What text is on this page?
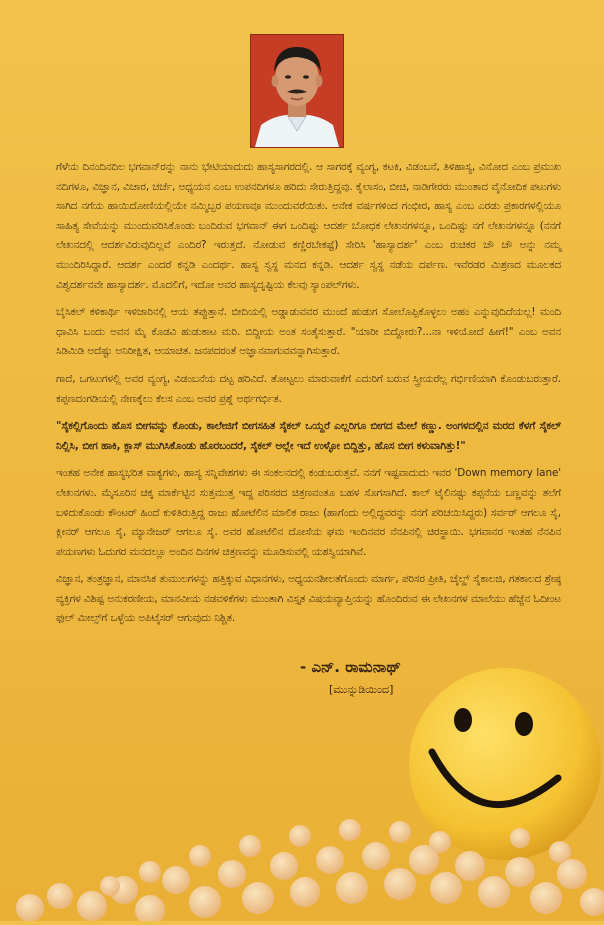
ಗೆಳೆಯ ದಿನಂದಿನದಿಲ ಭಗವಾನ್‌ರನ್ನು ನಾನು ಭೇಟಿಯಾದುದು ಹಾಸ್ಯಸಾಗರದಲ್ಲಿ. ಆ ಸಾಗರಕ್ಕೆ ವ್ಯಂಗ್ಯ, ಕಟಕಿ, ವಿಡಂಬನೆ, ತಿಳಿಹಾಸ್ಯ, ವಿನೋದ ಎಂಬ ಪ್ರಮುಖ ನದಿಗಳೂ, ವಿಜ್ಞಾನ, ವಿಚಾರ, ಚರ್ಚೆ, ಅಧ್ಯಯನ ಎಂಬ ಉಪನದಿಗಳೂ ಹರಿದು ಸೇರುತ್ತಿದ್ದವು. ಕೈಲಾಸಂ, ಬೀಚಿ, ನಾಡಿಗೇರರು ಮುಂತಾದ ವೈನೋದಿಕ ಪಟುಗಳು ಸಾಗಿದ ನಗೆಯ ಹಾಯಿದೋಣಿಯಲ್ಲಿಯೇ ನಮ್ಮಿಬ್ಬರ ಪಯಣವೂ ಮುಂದುವರೆಯಿತು. ಅನೇಕ ವರ್ಷಗಳಿಂದ ಗಂಭೀರ, ಹಾಸ್ಯ ಎಂಬ ಎರಡು ಪ್ರಕಾರಗಳಲ್ಲಿಯೂ ಸಾಹಿತ್ಯ ಸೇವೆಯನ್ನು ಮುಂದುವರಿಸಿಕೊಂಡು ಬಂದಿರುವ ಭಗವಾನ್ ಈಗ ಒಂದಿಷ್ಟು ಆದರ್ಶ ಬೋಧಕ ಲೇಖನಗಳನ್ನೂ, ಒಂದಿಷ್ಟು ನಗೆ ಲೇಖನಗಳನ್ನೂ (ನನಗೆ ಲೇಖನದಲ್ಲಿ ಆದರ್ಶವಿರುವುದಿಲ್ಲವೆ ಎಂದಿರ? ಇರುತ್ತದೆ. ನೋಡುವ ಕಣ್ಣಿರಬೇಕಷ್ಟೆ) ಸೇರಿಸಿ 'ಹಾಸ್ಯಾದರ್ಶ' ಎಂಬ ರುಚಿಕರ ಚೌ ಚೌ ಅನ್ನು ನಮ್ಮ ಮುಂದಿರಿಸಿದ್ದಾರೆ. ಆದರ್ಶ ಎಂದರೆ ಕನ್ನಡಿ ಎಂದರ್ಥ. ಹಾಸ್ಯ ಸ್ವಸ್ಥ ಮನದ ಕನ್ನಡಿ. ಆದರ್ಶ ಸ್ವಸ್ಥ ನಡೆಯ ದರ್ಪಣ. ಇವೆರಡರ ಮಿಶ್ರಣದ ಮೂಲಕದ ವಿಶ್ವದರ್ಶನವೇ ಹಾಸ್ಯಾದರ್ಶ. ಮೊದಲಿಗೆ, ಇದೋ ಅವರ ಹಾಸ್ಯದೃಷ್ಟಿಯ ಕೆಲವು ಸ್ಯಾಂಪಲ್‌ಗಳು.

ಬೈಸಿಕಲ್ ಕಳಿಕಾರ್ಥಿ ಇಳಿಜಾರಿನಲ್ಲಿ ಆಯ ತಪ್ಪುತ್ತಾನೆ. ಬೀದಿಯಲ್ಲಿ ಅಡ್ಡಾಡುವವರ ಮುಂದೆ ಹುಡುಗ ಸೋಲೊಪ್ಪಿಕೊಳ್ಳಲು ಅಹಂ ಎನ್ನುವುದಿದೆಯಲ್ಲ! ಮಂದಿ ಧಾವಿಸಿ ಬಂದು ಅವನ ಮೈ ಕೊಡವಿ ಹುಡುಕಾಟ ಮರಿ. ಬಿದ್ದೀಯ ಅಂತ ಸಂತೈಸುತ್ತಾರೆ. "ಯಾರೀ ಬಿದ್ದೋರು?...ನಾ ಇಳಿಯೋದೆ ಹೀಗೆ!" ಎಂಬ ಅವನ ಸಿಡಿಮಿಡಿ ಅದೆಷ್ಟು ಅನಿರೀಕ್ಷಿತ, ಆಯಾಚಿತ. ಜನಪದರಂತೆ ಅಜ್ಞಾನವಾಗುವವನ್ನಾಗಿಸುತ್ತಾರೆ.

ಗಾದೆ, ಒಗಟುಗಳಲ್ಲಿ ಅವರ ವ್ಯಂಗ್ಯ, ವಿಡಂಬನೆಯ ದಟ್ಟ ಹರಿವಿದೆ. ತೋಟ್ಟಲು ಮಾರುವಾಕೆಗೆ ಎದುರಿಗೆ ಬರುವ ಸ್ತ್ರೀಯರೆಲ್ಲ ಗರ್ಭಿಣಿಯಾಗಿ ಕೊಂಡುಬರುತ್ತಾರೆ. ಕಪ್ಪಣದಂಗಡಿಯಲ್ಲಿ ನೇಣಕ್ಕೆಲು ಕೆಲಸ ಎಂಬ ಅವರ ಪ್ರಶ್ನೆ ಅರ್ಥಗರ್ಭಿತ.

"ಸೈಕಲ್ಲಿಗೊಂದು ಹೊಸ ಬೀಗವನ್ನು ಕೊಂಡು, ಕಾಲೇಜಿಗೆ ಬೀಗಸಹಿತ ಸೈಕಲ್ ಒಯ್ದರೆ ಎಲ್ಲರಿಗೂ ಬೀಗದ ಮೇಲೆ ಕಣ್ಣು. ಅಂಗಳದಲ್ಲಿನ ಮರದ ಕೆಳಗೆ ಸೈಕಲ್ ನಿಲ್ಲಿಸಿ, ಬೀಗ ಹಾಕಿ, ಕ್ಲಾಸ್ ಮುಗಿಸಿಕೊಂಡು ಹೊರಬಂದರೆ, ಸೈಕಲ್ ಅಲ್ಲೇ ಇದೆ ಉಳ್ಳೋ ಬಿದ್ದಿತ್ತು, ಹೊಸ ಬೀಗ ಕಳುವಾಗಿತ್ತು!"

ಇಂತಹ ಅನೇಕ ಹಾಸ್ಯಭರಿತ ವಾಕ್ಯಗಳು, ಹಾಸ್ಯ ಸನ್ನಿವೇಶಗಳು ಈ ಸಂಕಲನದಲ್ಲಿ ಕಂಡುಬರುತ್ತವೆ. ನನಗೆ ಇಷ್ಟವಾದುದು ಇವರ 'Down memory lane' ಲೇಖನಗಳು. ಮೈಸೂರಿನ ಚಿಕ್ಕ ಮಾರ್ಕೆಟ್ಟಿನ ಸುತ್ತಮುತ್ತ ಇದ್ದ ಪರಿಸರದ ಚಿತ್ರಣವಂತೂ ಬಹಳ ಸೊಗಸಾಗಿದೆ. ಕಾಲ್ ಟೈಲಿನಷ್ಟು ಕಪ್ಪನೆಯ ಬಣ್ಣವನ್ನು ತಲೆಗೆ ಬಳಿದುಕೊಂಡು ಕೌಂಟರ್ ಹಿಂದೆ ಕುಳಿತಿರುತ್ತಿದ್ದ ರಾಜು ಹೋಟೆಲಿನ ಮಾಲಿಕ ರಾಜು (ಹಾಗೆಂದು ಅಲ್ಲಿದ್ದವರನ್ನು ನನಗೆ ಪರಿಚಯಿಸಿದ್ದರು) ಸರ್ವರ್ ಆಗಲೂ ಸೈ, ಕ್ಲೀನರ್ ಆಗಲೂ ಸೈ, ಮ್ಯಾನೇಜರ್ ಆಗಲೂ ಸೈ. ಅವರ ಹೋಟೆಲಿನ ದೋಸೆಯ ಘಮ ಇಂದಿನವರ ನೆನಪಿನಲ್ಲಿ ಚಿರಸ್ಥಾಯಿ. ಭಗವಾನರ ಇಂತಹ ನೆನಪಿನ ಪಯಣಗಳು ಓದುಗರ ಮನದಲ್ಲೂ ಅಂದಿನ ದಿನಗಳ ಚಿತ್ರಣವನ್ನು ಮೂಡಿಸುವಲ್ಲಿ ಯಶಸ್ವಿಯಾಗಿವೆ.

ವಿಜ್ಞಾನ, ತಂತ್ರಜ್ಞಾನ, ಮಾನಸಿಕ ತುಮುಲಗಳನ್ನು ಹತ್ತಿಕ್ಕುವ ವಿಧಾನಗಳು, ಅಧ್ಯಯನಶೀಲತೆಗೊಂದು ಮಾರ್ಗ, ಪರಿಸರ ಪ್ರೀತಿ, ಚೈಲ್ಡ್ ಸೈಕಾಲಜಿ, ಗತಕಾಲದ ಶ್ರೇಷ್ಠ ವ್ಯಕ್ತಿಗಳ ವಿಶಿಷ್ಟ ಅನುಕರಣೀಯ, ಮಾನವೀಯ ನಡವಳಿಕೆಗಳು ಮುಂತಾಗಿ ವಿಸ್ತೃತ ವಿಷಯವ್ಯಾಪ್ತಿಯನ್ನು ಹೊಂದಿರುವ ಈ ಲೇಖನಗಳ ಮಾಲೆಯು ಹೆಜ್ಜೆನ ಓದೀಂಟ ಫುಲ್ ಮೀಲ್ಸ್‌ಗೆ ಒಳ್ಳೆಯ ಅಪಿಟೈಸರ್ ಆಗುವುದು ನಿಶ್ಚಿತ.

- ಎನ್. ರಾಮನಾಥ್
[ಮುನ್ನುಡಿಯಿಂದ]
